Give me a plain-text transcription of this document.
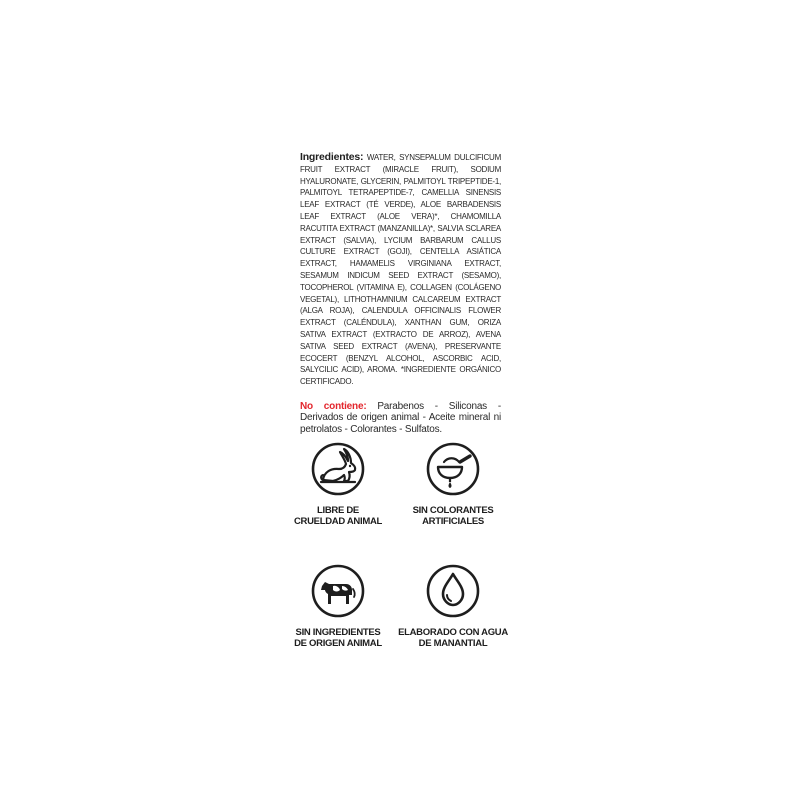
Ingredientes: WATER, SYNSEPALUM DULCIFICUM FRUIT EXTRACT (MIRACLE FRUIT), SODIUM HYALURONATE, GLYCERIN, PALMITOYL TRIPEPTIDE-1, PALMITOYL TETRAPEPTIDE-7, CAMELLIA SINENSIS LEAF EXTRACT (TÉ VERDE), ALOE BARBADENSIS LEAF EXTRACT (ALOE VERA)*, CHAMOMILLA RACUTITA EXTRACT (MANZANILLA)*, SALVIA SCLAREA EXTRACT (SALVIA), LYCIUM BARBARUM CALLUS CULTURE EXTRACT (GOJI), CENTELLA ASIÁTICA EXTRACT, HAMAMELIS VIRGINIANA EXTRACT, SESAMUM INDICUM SEED EXTRACT (SESAMO), TOCOPHEROL (VITAMINA E), COLLAGEN (COLÁGENO VEGETAL), LITHOTHAMNIUM CALCAREUM EXTRACT (ALGA ROJA), CALENDULA OFFICINALIS FLOWER EXTRACT (CALÉNDULA), XANTHAN GUM, ORIZA SATIVA EXTRACT (EXTRACTO DE ARROZ), AVENA SATIVA SEED EXTRACT (AVENA), PRESERVANTE ECOCERT (BENZYL ALCOHOL, ASCORBIC ACID, SALYCILIC ACID), AROMA. *INGREDIENTE ORGÁNICO CERTIFICADO.
No contiene: Parabenos - Siliconas - Derivados de origen animal - Aceite mineral ni petrolatos - Colorantes - Sulfatos.
LIBRE DE
CRUELDAD ANIMAL
SIN COLORANTES
ARTIFICIALES
SIN INGREDIENTES
DE ORIGEN ANIMAL
ELABORADO CON AGUA
DE MANANTIAL
